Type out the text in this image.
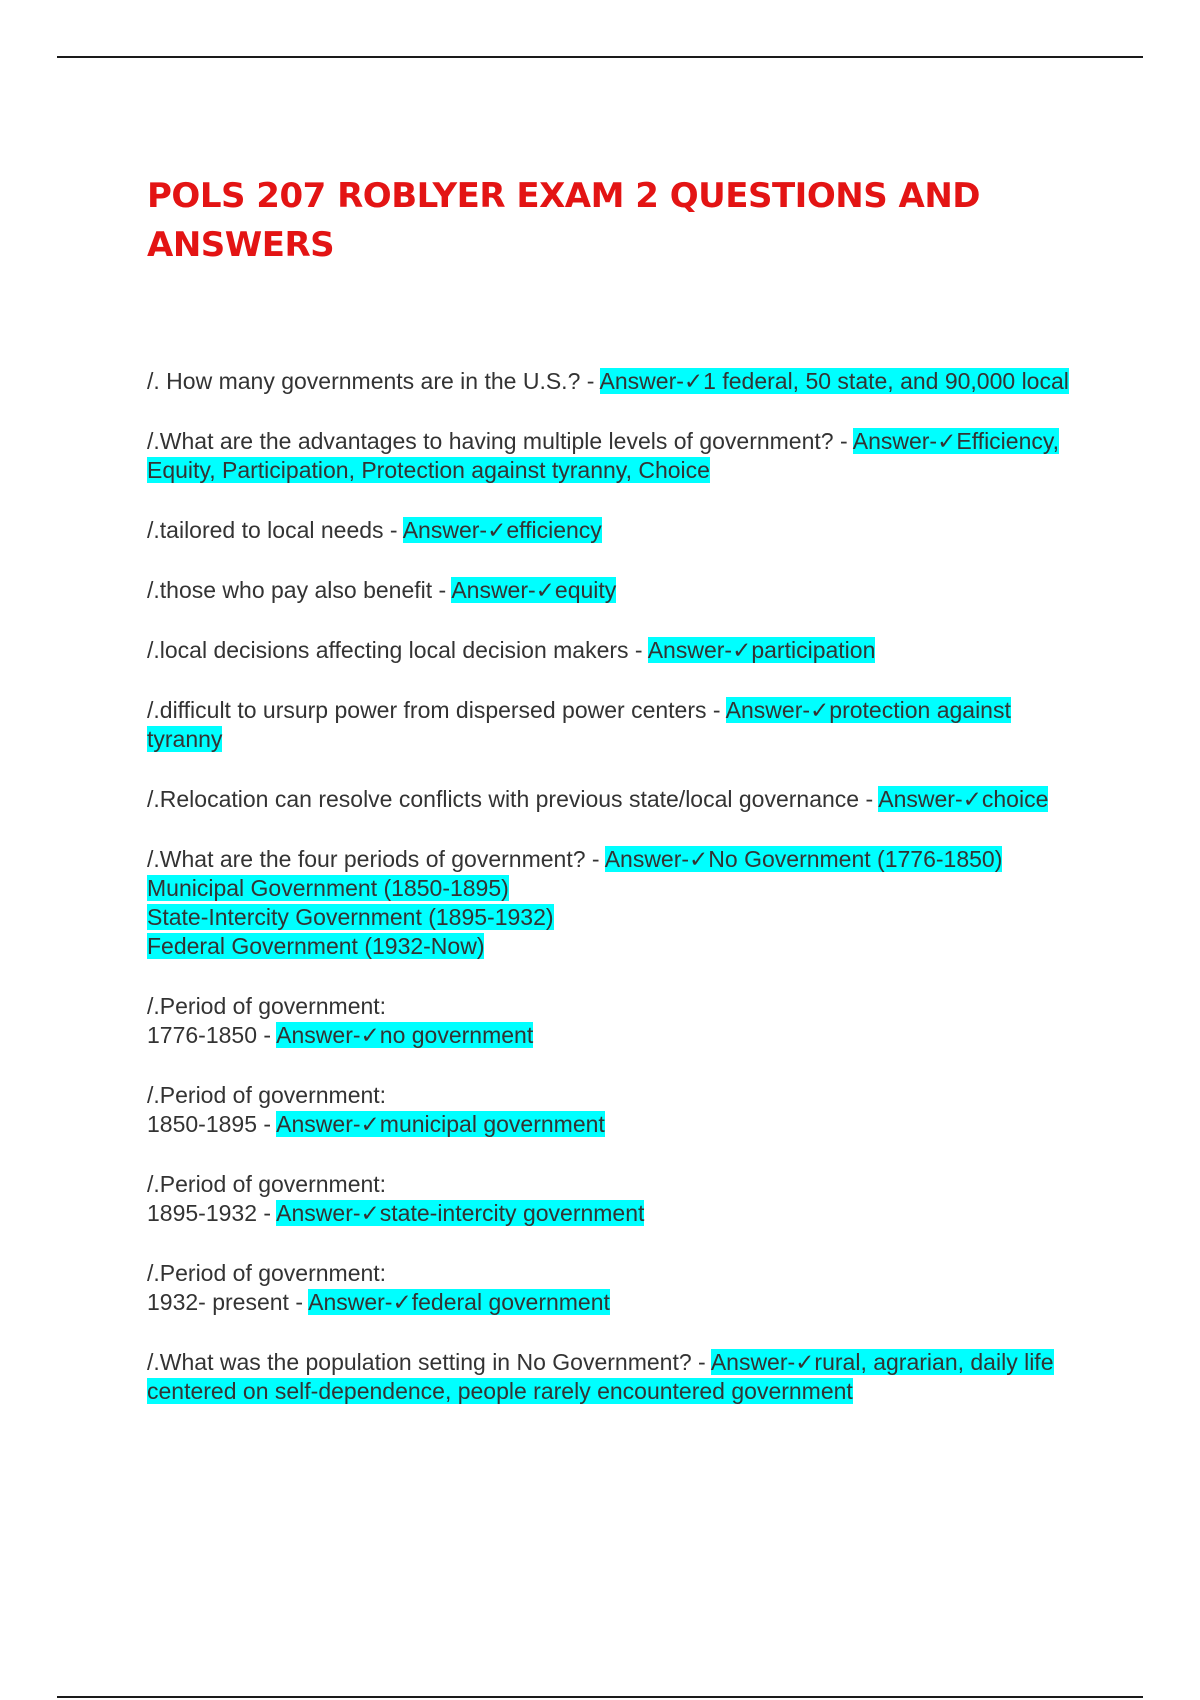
POLS 207 ROBLYER EXAM 2 QUESTIONS AND ANSWERS

/. How many governments are in the U.S.? - Answer-✓1 federal, 50 state, and 90,000 local

/.What are the advantages to having multiple levels of government? - Answer-✓Efficiency, Equity, Participation, Protection against tyranny, Choice

/.tailored to local needs - Answer-✓efficiency

/.those who pay also benefit - Answer-✓equity

/.local decisions affecting local decision makers - Answer-✓participation

/.difficult to ursurp power from dispersed power centers - Answer-✓protection against tyranny

/.Relocation can resolve conflicts with previous state/local governance - Answer-✓choice

/.What are the four periods of government? - Answer-✓No Government (1776-1850)
Municipal Government (1850-1895)
State-Intercity Government (1895-1932)
Federal Government (1932-Now)

/.Period of government:
1776-1850 - Answer-✓no government

/.Period of government:
1850-1895 - Answer-✓municipal government

/.Period of government:
1895-1932 - Answer-✓state-intercity government

/.Period of government:
1932- present - Answer-✓federal government

/.What was the population setting in No Government? - Answer-✓rural, agrarian, daily life centered on self-dependence, people rarely encountered government
